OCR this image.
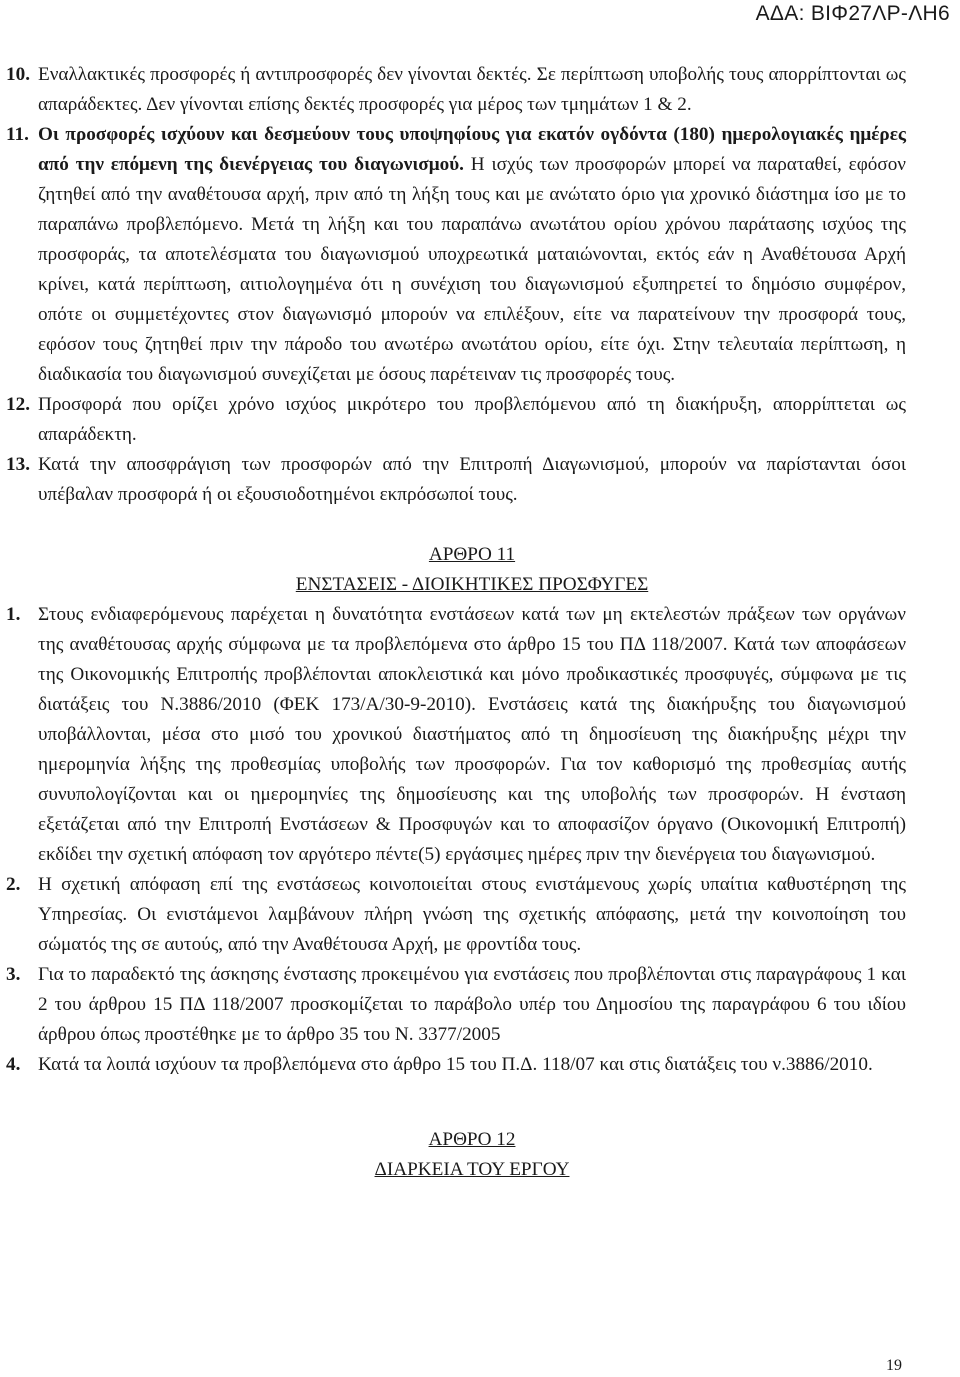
ΑΔΑ: ΒΙΦ27ΛΡ-ΛΗ6
10. Εναλλακτικές προσφορές ή αντιπροσφορές δεν γίνονται δεκτές. Σε περίπτωση υποβολής τους απορρίπτονται ως απαράδεκτες. Δεν γίνονται επίσης δεκτές προσφορές για μέρος των τμημάτων 1 & 2.
11. Οι προσφορές ισχύουν και δεσμεύουν τους υποψηφίους για εκατόν ογδόντα (180) ημερολογιακές ημέρες από την επόμενη της διενέργειας του διαγωνισμού. Η ισχύς των προσφορών μπορεί να παραταθεί, εφόσον ζητηθεί από την αναθέτουσα αρχή, πριν από τη λήξη τους και με ανώτατο όριο για χρονικό διάστημα ίσο με το παραπάνω προβλεπόμενο. Μετά τη λήξη και του παραπάνω ανωτάτου ορίου χρόνου παράτασης ισχύος της προσφοράς, τα αποτελέσματα του διαγωνισμού υποχρεωτικά ματαιώνονται, εκτός εάν η Αναθέτουσα Αρχή κρίνει, κατά περίπτωση, αιτιολογημένα ότι η συνέχιση του διαγωνισμού εξυπηρετεί το δημόσιο συμφέρον, οπότε οι συμμετέχοντες στον διαγωνισμό μπορούν να επιλέξουν, είτε να παρατείνουν την προσφορά τους, εφόσον τους ζητηθεί πριν την πάροδο του ανωτέρω ανωτάτου ορίου, είτε όχι. Στην τελευταία περίπτωση, η διαδικασία του διαγωνισμού συνεχίζεται με όσους παρέτειναν τις προσφορές τους.
12. Προσφορά που ορίζει χρόνο ισχύος μικρότερο του προβλεπόμενου από τη διακήρυξη, απορρίπτεται ως απαράδεκτη.
13. Κατά την αποσφράγιση των προσφορών από την Επιτροπή Διαγωνισμού, μπορούν να παρίστανται όσοι υπέβαλαν προσφορά ή οι εξουσιοδοτημένοι εκπρόσωποί τους.
ΑΡΘΡΟ 11
ΕΝΣΤΑΣΕΙΣ - ΔΙΟΙΚΗΤΙΚΕΣ ΠΡΟΣΦΥΓΕΣ
1. Στους ενδιαφερόμενους παρέχεται η δυνατότητα ενστάσεων κατά των μη εκτελεστών πράξεων των οργάνων της αναθέτουσας αρχής σύμφωνα με τα προβλεπόμενα στο άρθρο 15 του ΠΔ 118/2007. Κατά των αποφάσεων της Οικονομικής Επιτροπής προβλέπονται αποκλειστικά και μόνο προδικαστικές προσφυγές, σύμφωνα με τις διατάξεις του Ν.3886/2010 (ΦΕΚ 173/Α/30-9-2010). Ενστάσεις κατά της διακήρυξης του διαγωνισμού υποβάλλονται, μέσα στο μισό του χρονικού διαστήματος από τη δημοσίευση της διακήρυξης μέχρι την ημερομηνία λήξης της προθεσμίας υποβολής των προσφορών. Για τον καθορισμό της προθεσμίας αυτής συνυπολογίζονται και οι ημερομηνίες της δημοσίευσης και της υποβολής των προσφορών. Η ένσταση εξετάζεται από την Επιτροπή Ενστάσεων & Προσφυγών και το αποφασίζον όργανο (Οικονομική Επιτροπή) εκδίδει την σχετική απόφαση τον αργότερο πέντε(5) εργάσιμες ημέρες πριν την διενέργεια του διαγωνισμού.
2. Η σχετική απόφαση επί της ενστάσεως κοινοποιείται στους ενιστάμενους χωρίς υπαίτια καθυστέρηση της Υπηρεσίας. Οι ενιστάμενοι λαμβάνουν πλήρη γνώση της σχετικής απόφασης, μετά την κοινοποίηση του σώματός της σε αυτούς, από την Αναθέτουσα Αρχή, με φροντίδα τους.
3. Για το παραδεκτό της άσκησης ένστασης προκειμένου για ενστάσεις που προβλέπονται στις παραγράφους 1 και 2 του άρθρου 15 ΠΔ 118/2007 προσκομίζεται το παράβολο υπέρ του Δημοσίου της παραγράφου 6 του ιδίου άρθρου όπως προστέθηκε με το άρθρο 35 του Ν. 3377/2005
4. Κατά τα λοιπά ισχύουν τα προβλεπόμενα στο άρθρο 15 του Π.Δ. 118/07 και στις διατάξεις του ν.3886/2010.
ΑΡΘΡΟ 12
ΔΙΑΡΚΕΙΑ ΤΟΥ ΕΡΓΟΥ
19
